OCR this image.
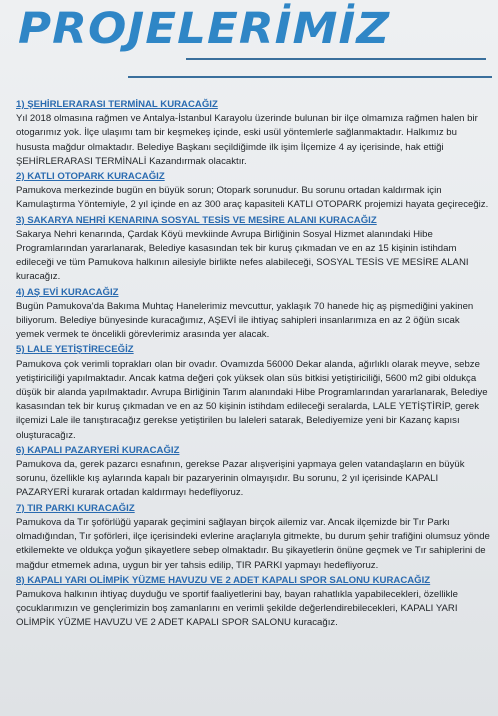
PROJELERİMİZ

1) ŞEHİRLERARASI TERMİNAL KURACAĞIZ

Yıl 2018 olmasına rağmen ve Antalya-İstanbul Karayolu üzerinde bulunan bir ilçe olmamıza rağmen halen bir otogarımız yok. İlçe ulaşımı tam bir keşmekeş içinde, eski usül yöntemlerle sağlanmaktadır. Halkımız bu hususta mağdur olmaktadır. Belediye Başkanı seçildiğimde ilk işim İlçemize 4 ay içerisinde, hak ettiği ŞEHİRLERARASI TERMİNALİ Kazandırmak olacaktır.

2) KATLI OTOPARK KURACAĞIZ

Pamukova merkezinde bugün en büyük sorun; Otopark sorunudur. Bu sorunu ortadan kaldırmak için Kamulaştırma Yöntemiyle, 2 yıl içinde en az 300 araç kapasiteli KATLI OTOPARK projemizi hayata geçireceğiz.

3) SAKARYA NEHRİ KENARINA SOSYAL TESİS VE MESİRE ALANI KURACAĞIZ

Sakarya Nehri kenarında, Çardak Köyü mevkiinde Avrupa Birliğinin Sosyal Hizmet alanındaki Hibe Programlarından yararlanarak, Belediye kasasından tek bir kuruş çıkmadan ve en az 15 kişinin istihdam edileceği ve tüm Pamukova halkının ailesiyle birlikte nefes alabileceği, SOSYAL TESİS VE MESİRE ALANI kuracağız.

4) AŞ EVİ KURACAĞIZ

Bugün Pamukova'da Bakıma Muhtaç Hanelerimiz mevcuttur, yaklaşık 70 hanede hiç aş pişmediğini yakinen biliyorum. Belediye bünyesinde kuracağımız, AŞEVİ ile ihtiyaç sahipleri insanlarımıza en az 2 öğün sıcak yemek vermek te öncelikli görevlerimiz arasında yer alacak.

5) LALE YETİŞTİRECEĞİZ

Pamukova çok verimli toprakları olan bir ovadır. Ovamızda 56000 Dekar alanda, ağırlıklı olarak meyve, sebze yetiştiriciliği yapılmaktadır. Ancak katma değeri çok yüksek olan süs bitkisi yetiştiriciliği, 5600 m2 gibi oldukça düşük bir alanda yapılmaktadır. Avrupa Birliğinin Tarım alanındaki Hibe Programlarından yararlanarak, Belediye kasasından tek bir kuruş çıkmadan ve en az 50 kişinin istihdam edileceği seralarda, LALE YETİŞTİRİP, gerek ilçemizi Lale ile tanıştıracağız gerekse yetiştirilen bu laleleri satarak, Belediyemize yeni bir Kazanç kapısı oluşturacağız.

6) KAPALI PAZARYERİ KURACAĞIZ

Pamukova da, gerek pazarcı esnafının, gerekse Pazar alışverişini yapmaya gelen vatandaşların en büyük sorunu, özellikle kış aylarında kapalı bir pazaryerinin olmayışıdır. Bu sorunu, 2 yıl içerisinde KAPALI PAZARYERİ kurarak ortadan kaldırmayı hedefliyoruz.

7) TIR PARKI KURACAĞIZ

Pamukova da Tır şoförlüğü yaparak geçimini sağlayan birçok ailemiz var. Ancak ilçemizde bir Tır Parkı olmadığından, Tır şoförleri, ilçe içerisindeki evlerine araçlarıyla gitmekte, bu durum şehir trafiğini olumsuz yönde etkilemekte ve oldukça yoğun şikayetlere sebep olmaktadır. Bu şikayetlerin önüne geçmek ve Tır sahiplerini de mağdur etmemek adına, uygun bir yer tahsis edilip, TIR PARKI yapmayı hedefliyoruz.

8) KAPALI YARI OLİMPİK YÜZME HAVUZU VE 2 ADET KAPALI SPOR SALONU KURACAĞIZ

Pamukova halkının ihtiyaç duyduğu ve sportif faaliyetlerini bay, bayan rahatlıkla yapabilecekleri, özellikle çocuklarımızın ve gençlerimizin boş zamanlarını en verimli şekilde değerlendirebilecekleri, KAPALI YARI OLİMPİK YÜZME HAVUZU VE 2 ADET KAPALI SPOR SALONU kuracağız.
